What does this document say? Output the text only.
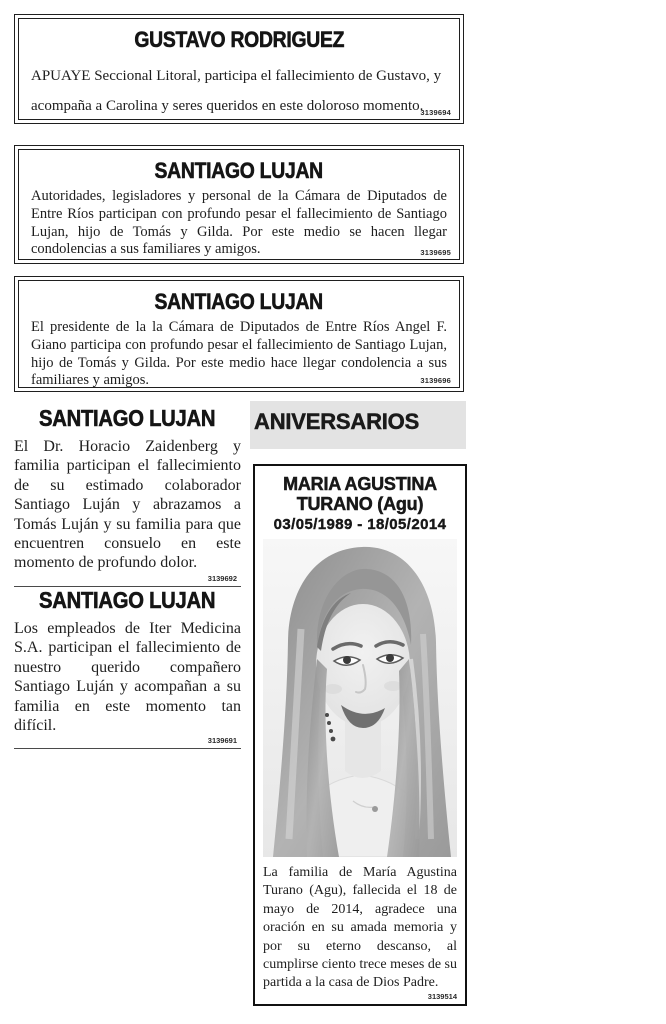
GUSTAVO RODRIGUEZ
APUAYE Seccional Litoral, participa el fallecimiento de Gustavo, y acompaña a Carolina y seres queridos en este doloroso momento.
3139694
SANTIAGO LUJAN
Autoridades, legisladores y personal de la Cámara de Diputados de Entre Ríos participan con profundo pesar el fallecimiento de Santiago Lujan, hijo de Tomás y Gilda. Por este medio se hacen llegar condolencias a sus familiares y amigos.	3139695
SANTIAGO LUJAN
El presidente de la la Cámara de Diputados de Entre Ríos Angel F. Giano participa con profundo pesar el fallecimiento de Santiago Lujan, hijo de Tomás y Gilda. Por este medio hace llegar condolencia a sus familiares y amigos.	3139696
SANTIAGO LUJAN
El Dr. Horacio Zaidenberg y familia participan el fallecimiento de su estimado colaborador Santiago Luján y abrazamos a Tomás Luján y su familia para que encuentren consuelo en este momento de profundo dolor.
3139692
SANTIAGO LUJAN
Los empleados de Iter Medicina S.A. participan el fallecimiento de nuestro querido compañero Santiago Luján y acompañan a su familia en este momento tan difícil.
3139691
ANIVERSARIOS
MARIA AGUSTINA
TURANO (Agu)
03/05/1989 - 18/05/2014
La familia de María Agustina Turano (Agu), fallecida el 18 de mayo de 2014, agradece una oración en su amada memoria y por su eterno descanso, al cumplirse ciento trece meses de su partida a la casa de Dios Padre.
3139514
